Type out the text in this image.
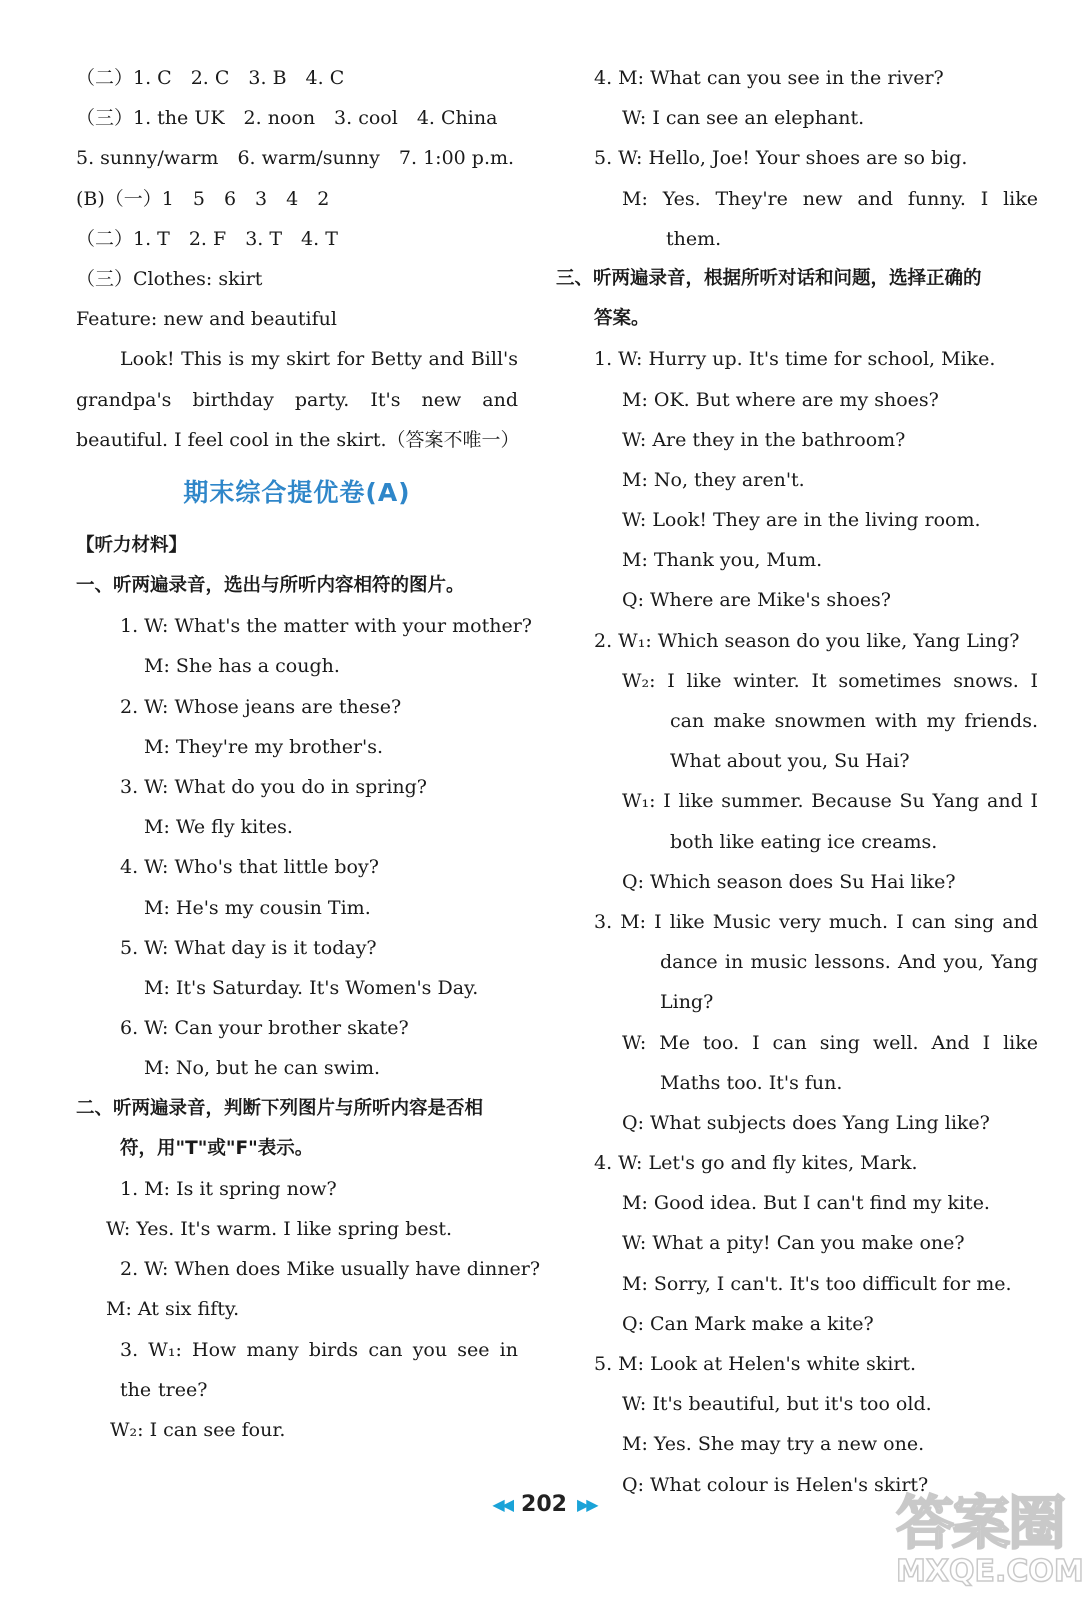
（二）1. C　2. C　3. B　4. C
（三）1. the UK　2. noon　3. cool　4. China
5. sunny/warm　6. warm/sunny　7. 1:00 p.m.
(B)（一）1　5　6　3　4　2
（二）1. T　2. F　3. T　4. T
（三）Clothes: skirt
Feature: new and beautiful
Look! This is my skirt for Betty and Bill's
grandpa's birthday party. It's new and
beautiful. I feel cool in the skirt.（答案不唯一）
期末综合提优卷(A)
【听力材料】
一、听两遍录音，选出与所听内容相符的图片。
1. W: What's the matter with your mother?
M: She has a cough.
2. W: Whose jeans are these?
M: They're my brother's.
3. W: What do you do in spring?
M: We fly kites.
4. W: Who's that little boy?
M: He's my cousin Tim.
5. W: What day is it today?
M: It's Saturday. It's Women's Day.
6. W: Can your brother skate?
M: No, but he can swim.
二、听两遍录音，判断下列图片与所听内容是否相
符，用"T"或"F"表示。
1. M: Is it spring now?
W: Yes. It's warm. I like spring best.
2. W: When does Mike usually have dinner?
M: At six fifty.
3. W₁: How many birds can you see in the tree?
W₂: I can see four.
4. M: What can you see in the river?
W: I can see an elephant.
5. W: Hello, Joe! Your shoes are so big.
M: Yes. They're new and funny. I like
them.
三、听两遍录音，根据所听对话和问题，选择正确的
答案。
1. W: Hurry up. It's time for school, Mike.
M: OK. But where are my shoes?
W: Are they in the bathroom?
M: No, they aren't.
W: Look! They are in the living room.
M: Thank you, Mum.
Q: Where are Mike's shoes?
2. W₁: Which season do you like, Yang Ling?
W₂: I like winter. It sometimes snows. I
can make snowmen with my friends.
What about you, Su Hai?
W₁: I like summer. Because Su Yang and I
both like eating ice creams.
Q: Which season does Su Hai like?
3. M: I like Music very much. I can sing and
dance in music lessons. And you, Yang
Ling?
W: Me too. I can sing well. And I like
Maths too. It's fun.
Q: What subjects does Yang Ling like?
4. W: Let's go and fly kites, Mark.
M: Good idea. But I can't find my kite.
W: What a pity! Can you make one?
M: Sorry, I can't. It's too difficult for me.
Q: Can Mark make a kite?
5. M: Look at Helen's white skirt.
W: It's beautiful, but it's too old.
M: Yes. She may try a new one.
Q: What colour is Helen's skirt?
◀◀ 202 ▶▶	答案圈
MXQE.COM
